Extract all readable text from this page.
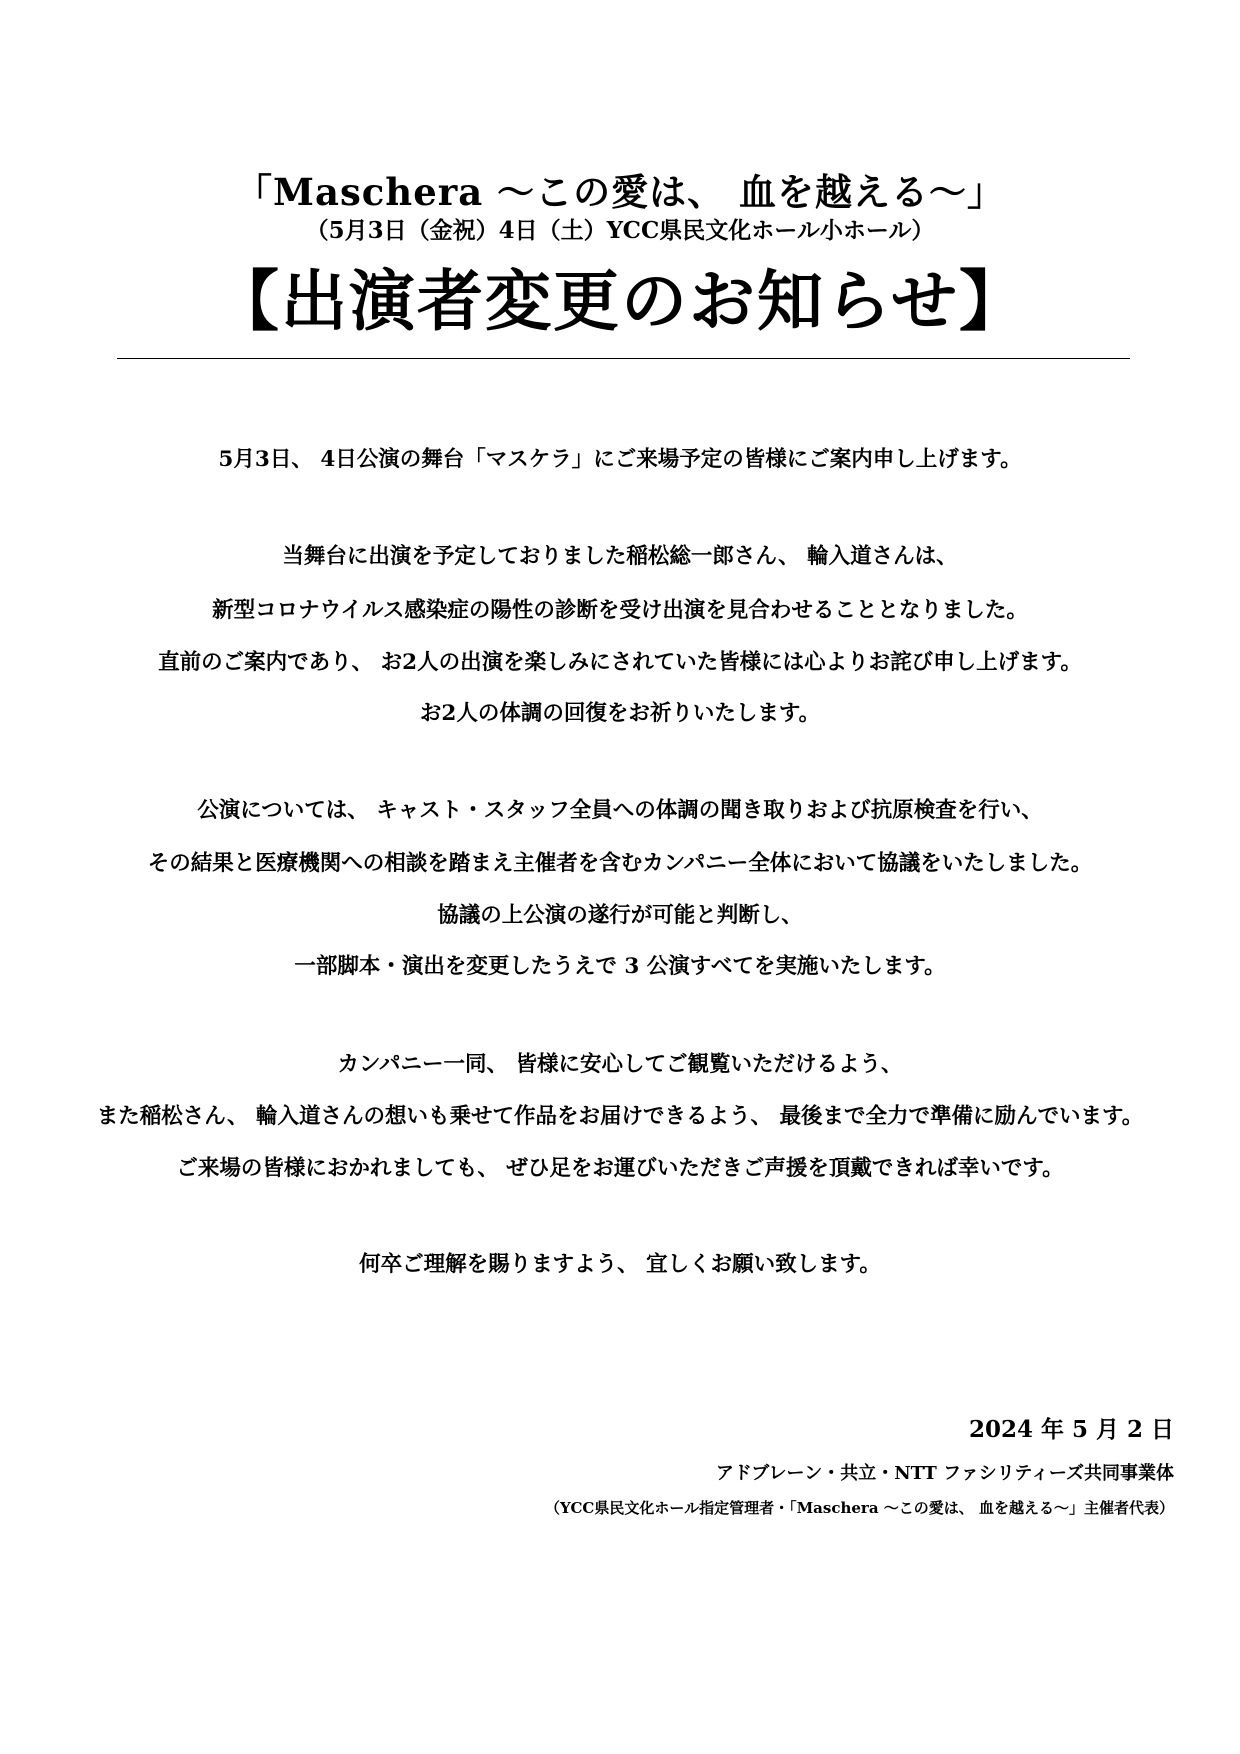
「Maschera 〜この愛は、 血を越える〜」
（5月3日（金祝）4日（土）YCC県民文化ホール小ホール）
【出演者変更のお知らせ】
5月3日、 4日公演の舞台「マスケラ」にご来場予定の皆様にご案内申し上げます。
当舞台に出演を予定しておりました稲松総一郎さん、 輪入道さんは、
新型コロナウイルス感染症の陽性の診断を受け出演を見合わせることとなりました。
直前のご案内であり、 お2人の出演を楽しみにされていた皆様には心よりお詫び申し上げます。
お2人の体調の回復をお祈りいたします。
公演については、 キャスト・スタッフ全員への体調の聞き取りおよび抗原検査を行い、
その結果と医療機関への相談を踏まえ主催者を含むカンパニー全体において協議をいたしました。
協議の上公演の遂行が可能と判断し、
一部脚本・演出を変更したうえで 3 公演すべてを実施いたします。
カンパニー一同、 皆様に安心してご観覧いただけるよう、
また稲松さん、 輪入道さんの想いも乗せて作品をお届けできるよう、 最後まで全力で準備に励んでいます。
ご来場の皆様におかれましても、 ぜひ足をお運びいただきご声援を頂戴できれば幸いです。
何卒ご理解を賜りますよう、 宜しくお願い致します。
2024 年 5 月 2 日
アドブレーン・共立・NTT ファシリティーズ共同事業体
（YCC県民文化ホール指定管理者・「Maschera 〜この愛は、 血を越える〜」主催者代表）
